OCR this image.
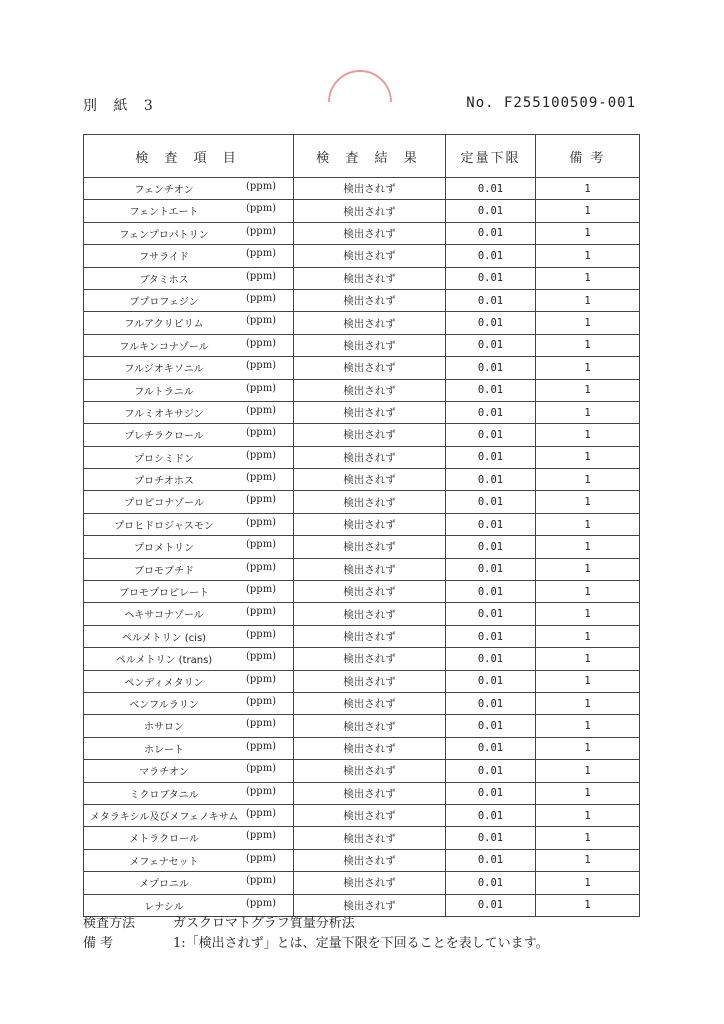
別 紙 3	No. F255100509-001
検 査 項 目	検 査 結 果	定量下限	備 考

フェンチオン (ppm)	検出されず	0.01	1

フェントエート (ppm)	検出されず	0.01	1

フェンプロパトリン (ppm)	検出されず	0.01	1

フサライド (ppm)	検出されず	0.01	1

ブタミホス (ppm)	検出されず	0.01	1

ブプロフェジン (ppm)	検出されず	0.01	1

フルアクリピリム (ppm)	検出されず	0.01	1

フルキンコナゾール (ppm)	検出されず	0.01	1

フルジオキソニル (ppm)	検出されず	0.01	1

フルトラニル (ppm)	検出されず	0.01	1

フルミオキサジン (ppm)	検出されず	0.01	1

プレチラクロール (ppm)	検出されず	0.01	1

プロシミドン (ppm)	検出されず	0.01	1

プロチオホス (ppm)	検出されず	0.01	1

プロピコナゾール (ppm)	検出されず	0.01	1

プロヒドロジャスモン (ppm)	検出されず	0.01	1

プロメトリン (ppm)	検出されず	0.01	1

ブロモブチド (ppm)	検出されず	0.01	1

ブロモプロピレート (ppm)	検出されず	0.01	1

ヘキサコナゾール (ppm)	検出されず	0.01	1

ペルメトリン (cis) (ppm)	検出されず	0.01	1

ペルメトリン (trans) (ppm)	検出されず	0.01	1

ペンディメタリン (ppm)	検出されず	0.01	1

ベンフルラリン (ppm)	検出されず	0.01	1

ホサロン (ppm)	検出されず	0.01	1

ホレート (ppm)	検出されず	0.01	1

マラチオン (ppm)	検出されず	0.01	1

ミクロブタニル (ppm)	検出されず	0.01	1

メタラキシル及びメフェノキサム (ppm)	検出されず	0.01	1

メトラクロール (ppm)	検出されず	0.01	1

メフェナセット (ppm)	検出されず	0.01	1

メプロニル (ppm)	検出されず	0.01	1

レナシル (ppm)	検出されず	0.01	1
検査方法	ガスクロマトグラフ質量分析法
備 考	1:「検出されず」とは、定量下限を下回ることを表しています。
